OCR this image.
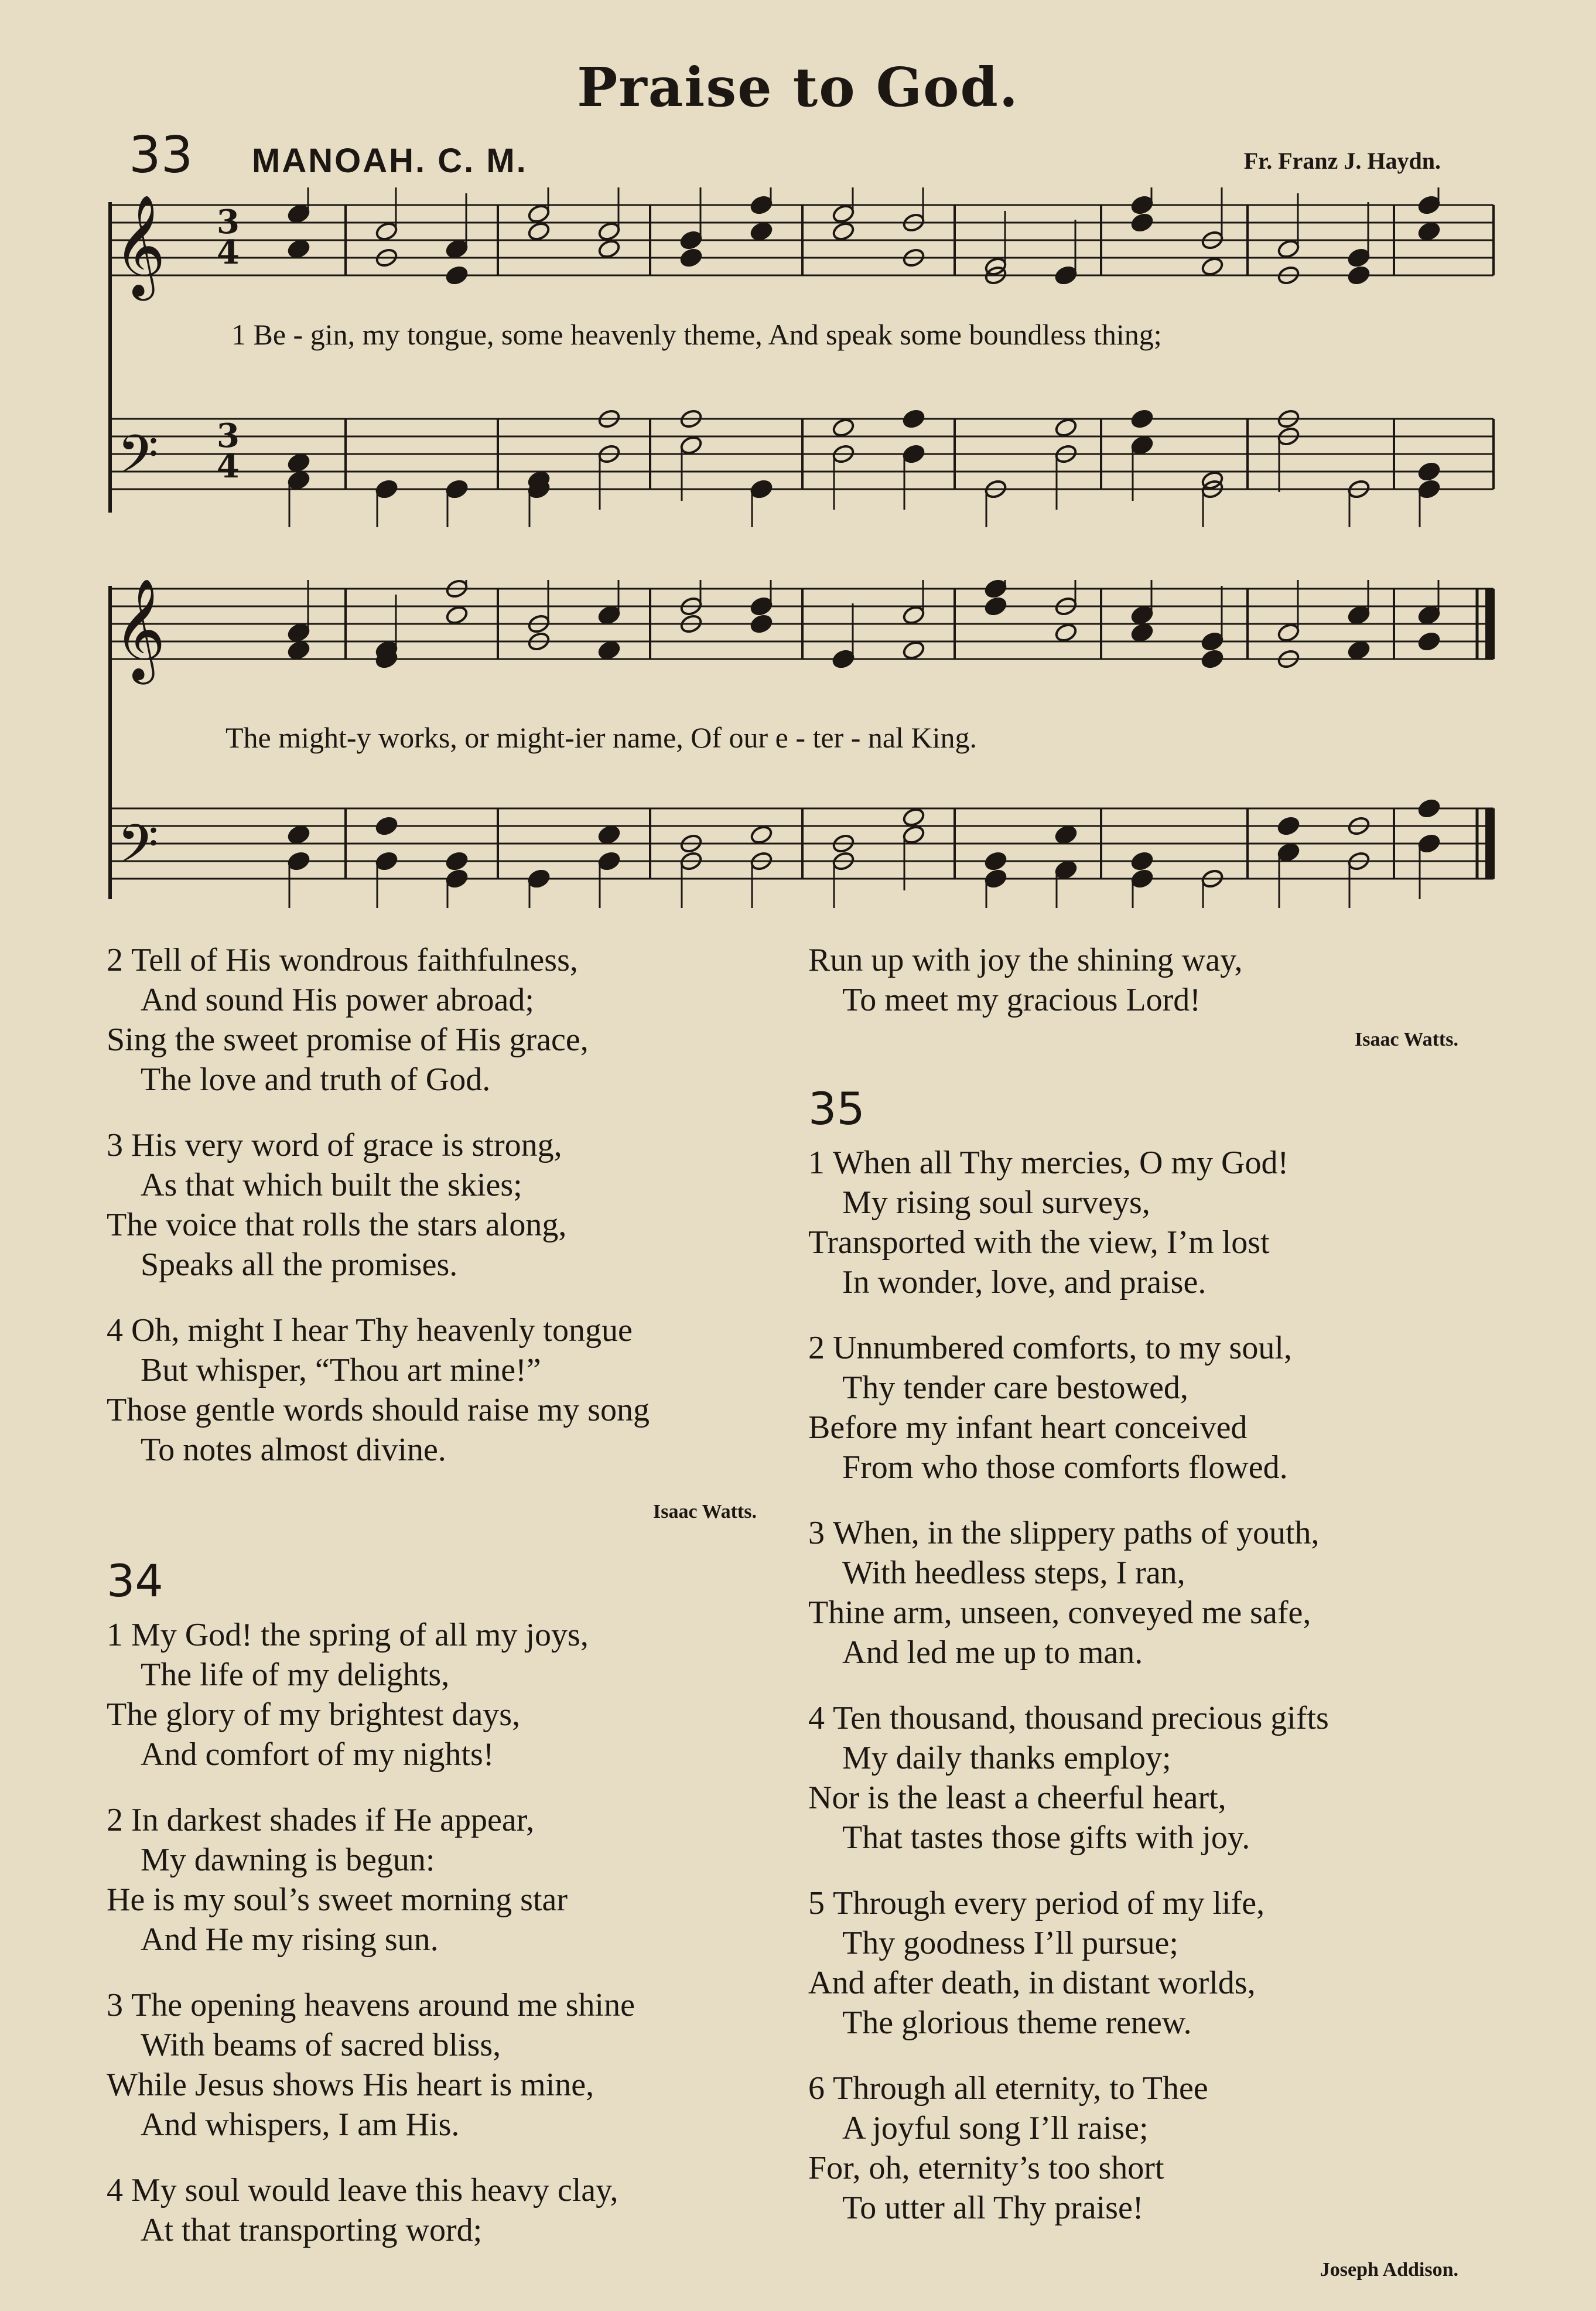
Praise to God.
33 MANOAH. C. M.	Fr. Franz J. Haydn.
𝄞
𝄢
3
4
3
4
1 Be - gin, my tongue, some heavenly theme, And speak some boundless thing;
𝄞
𝄢
The might-y works, or might-ier name, Of our e - ter - nal King.
2 Tell of His wondrous faithfulness,
And sound His power abroad;
Sing the sweet promise of His grace,
The love and truth of God.
3 His very word of grace is strong,
As that which built the skies;
The voice that rolls the stars along,
Speaks all the promises.
4 Oh, might I hear Thy heavenly tongue
But whisper, “Thou art mine!”
Those gentle words should raise my song
To notes almost divine.
Isaac Watts.
34
1 My God! the spring of all my joys,
The life of my delights,
The glory of my brightest days,
And comfort of my nights!
2 In darkest shades if He appear,
My dawning is begun:
He is my soul’s sweet morning star
And He my rising sun.
3 The opening heavens around me shine
With beams of sacred bliss,
While Jesus shows His heart is mine,
And whispers, I am His.
4 My soul would leave this heavy clay,
At that transporting word;
Run up with joy the shining way,
To meet my gracious Lord!
Isaac Watts.
35
1 When all Thy mercies, O my God!
My rising soul surveys,
Transported with the view, I’m lost
In wonder, love, and praise.
2 Unnumbered comforts, to my soul,
Thy tender care bestowed,
Before my infant heart conceived
From who those comforts flowed.
3 When, in the slippery paths of youth,
With heedless steps, I ran,
Thine arm, unseen, conveyed me safe,
And led me up to man.
4 Ten thousand, thousand precious gifts
My daily thanks employ;
Nor is the least a cheerful heart,
That tastes those gifts with joy.
5 Through every period of my life,
Thy goodness I’ll pursue;
And after death, in distant worlds,
The glorious theme renew.
6 Through all eternity, to Thee
A joyful song I’ll raise;
For, oh, eternity’s too short
To utter all Thy praise!
Joseph Addison.
